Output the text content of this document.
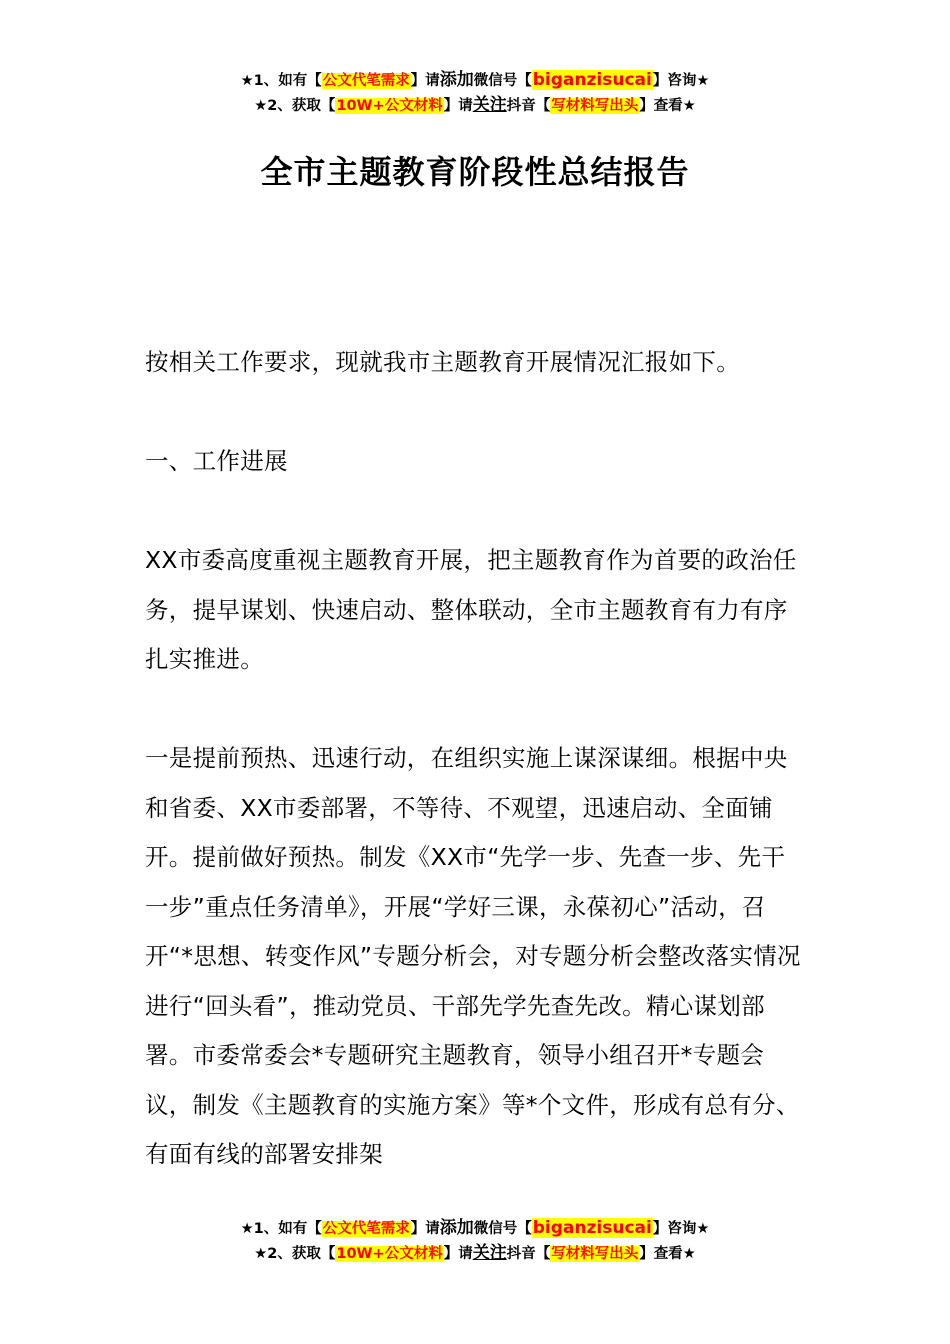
★1、如有【公文代笔需求】请添加微信号【biganzisucai】咨询★
★2、获取【10W+公文材料】请关注抖音【写材料写出头】查看★
全市主题教育阶段性总结报告

按相关工作要求，现就我市主题教育开展情况汇报如下。

一、工作进展

XX市委高度重视主题教育开展，把主题教育作为首要的政治任务，提早谋划、快速启动、整体联动，全市主题教育有力有序扎实推进。

一是提前预热、迅速行动，在组织实施上谋深谋细。根据中央和省委、XX市委部署，不等待、不观望，迅速启动、全面铺开。提前做好预热。制发《XX市“先学一步、先查一步、先干一步”重点任务清单》，开展“学好三课，永葆初心”活动，召开“*思想、转变作风”专题分析会，对专题分析会整改落实情况进行“回头看”，推动党员、干部先学先查先改。精心谋划部署。市委常委会*专题研究主题教育，领导小组召开*专题会议，制发《主题教育的实施方案》等*个文件，形成有总有分、有面有线的部署安排架

★1、如有【公文代笔需求】请添加微信号【biganzisucai】咨询★
★2、获取【10W+公文材料】请关注抖音【写材料写出头】查看★
